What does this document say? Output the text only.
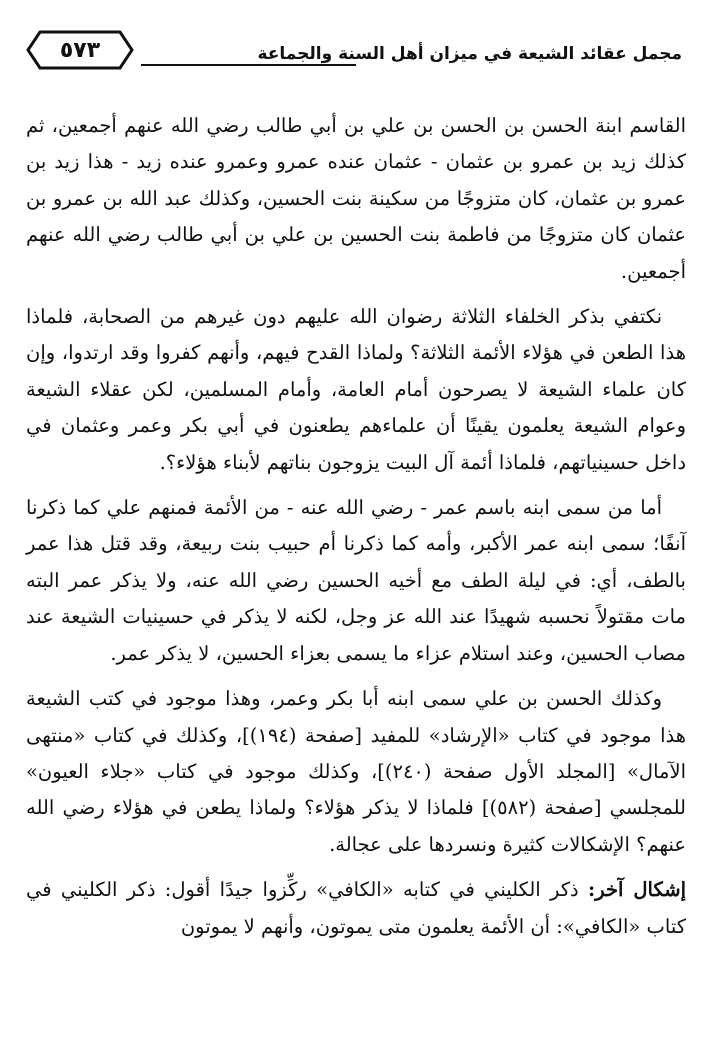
٥٧٣	مجمل عقائد الشيعة في ميزان أهل السنة والجماعة

القاسم ابنة الحسن بن الحسن بن علي بن أبي طالب رضي الله عنهم أجمعين، ثم كذلك زيد بن عمرو بن عثمان - عثمان عنده عمرو وعمرو عنده زيد - هذا زيد بن عمرو بن عثمان، كان متزوجًا من سكينة بنت الحسين، وكذلك عبد الله بن عمرو بن عثمان كان متزوجًا من فاطمة بنت الحسين بن علي بن أبي طالب رضي الله عنهم أجمعين.

نكتفي بذكر الخلفاء الثلاثة رضوان الله عليهم دون غيرهم من الصحابة، فلماذا هذا الطعن في هؤلاء الأئمة الثلاثة؟ ولماذا القدح فيهم، وأنهم كفروا وقد ارتدوا، وإن كان علماء الشيعة لا يصرحون أمام العامة، وأمام المسلمين، لكن عقلاء الشيعة وعوام الشيعة يعلمون يقينًا أن علماءهم يطعنون في أبي بكر وعمر وعثمان في داخل حسينياتهم، فلماذا أئمة آل البيت يزوجون بناتهم لأبناء هؤلاء؟.

أما من سمى ابنه باسم عمر - رضي الله عنه - من الأئمة فمنهم علي كما ذكرنا آنفًا؛ سمى ابنه عمر الأكبر، وأمه كما ذكرنا أم حبيب بنت ربيعة، وقد قتل هذا عمر بالطف، أي: في ليلة الطف مع أخيه الحسين رضي الله عنه، ولا يذكر عمر البته مات مقتولاً نحسبه شهيدًا عند الله عز وجل، لكنه لا يذكر في حسينيات الشيعة عند مصاب الحسين، وعند استلام عزاء ما يسمى بعزاء الحسين، لا يذكر عمر.

وكذلك الحسن بن علي سمى ابنه أبا بكر وعمر، وهذا موجود في كتب الشيعة هذا موجود في كتاب «الإرشاد» للمفيد [صفحة (١٩٤)]، وكذلك في كتاب «منتهى الآمال» [المجلد الأول صفحة (٢٤٠)]، وكذلك موجود في كتاب «جلاء العيون» للمجلسي [صفحة (٥٨٢)] فلماذا لا يذكر هؤلاء؟ ولماذا يطعن في هؤلاء رضي الله عنهم؟ الإشكالات كثيرة ونسردها على عجالة.

إشكال آخر: ذكر الكليني في كتابه «الكافي» ركِّزوا جيدًا أقول: ذكر الكليني في كتاب «الكافي»: أن الأئمة يعلمون متى يموتون، وأنهم لا يموتون
